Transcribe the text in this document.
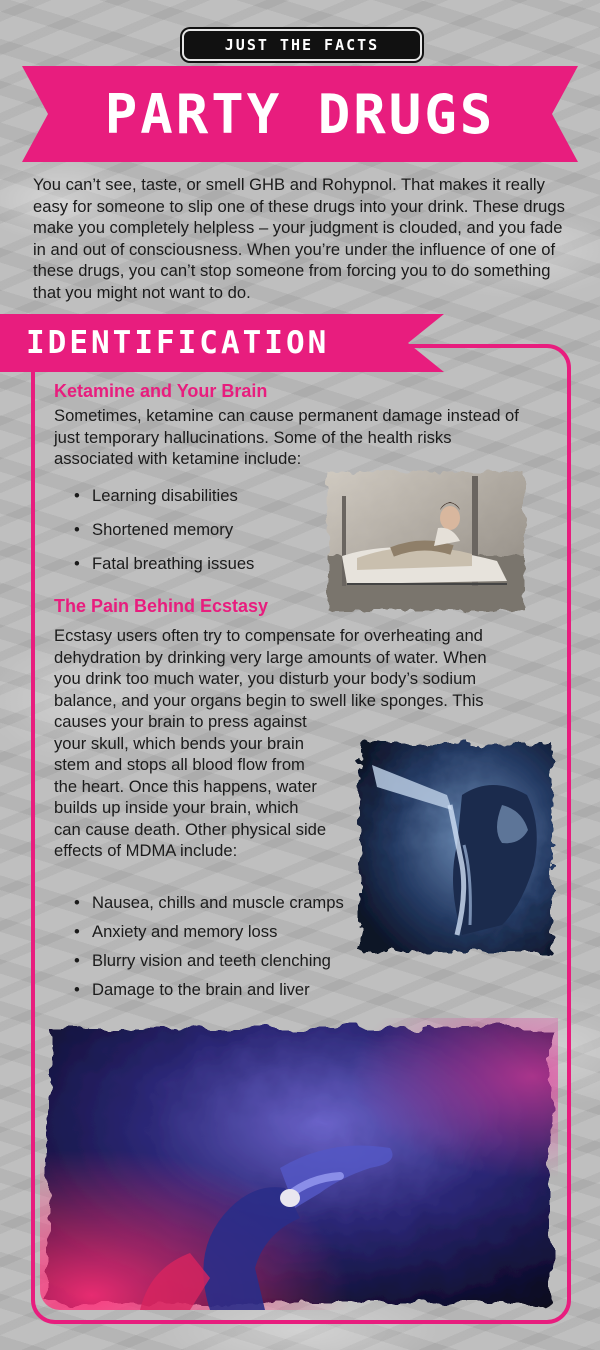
JUST THE FACTS
PARTY DRUGS
You can’t see, taste, or smell GHB and Rohypnol. That makes it really easy for someone to slip one of these drugs into your drink. These drugs make you completely helpless – your judgment is clouded, and you fade in and out of consciousness. When you’re under the influence of one of these drugs, you can’t stop someone from forcing you to do something that you might not want to do.
IDENTIFICATION
Ketamine and Your Brain
Sometimes, ketamine can cause permanent damage instead of just temporary hallucinations. Some of the health risks associated with ketamine include:
• Learning disabilities
• Shortened memory
• Fatal breathing issues
The Pain Behind Ecstasy
Ecstasy users often try to compensate for overheating and
dehydration by drinking very large amounts of water. When
you drink too much water, you disturb your body’s sodium
balance, and your organs begin to swell like sponges. This
causes your brain to press against
your skull, which bends your brain
stem and stops all blood flow from
the heart. Once this happens, water
builds up inside your brain, which
can cause death. Other physical side
effects of MDMA include:
• Nausea, chills and muscle cramps
• Anxiety and memory loss
• Blurry vision and teeth clenching
• Damage to the brain and liver
